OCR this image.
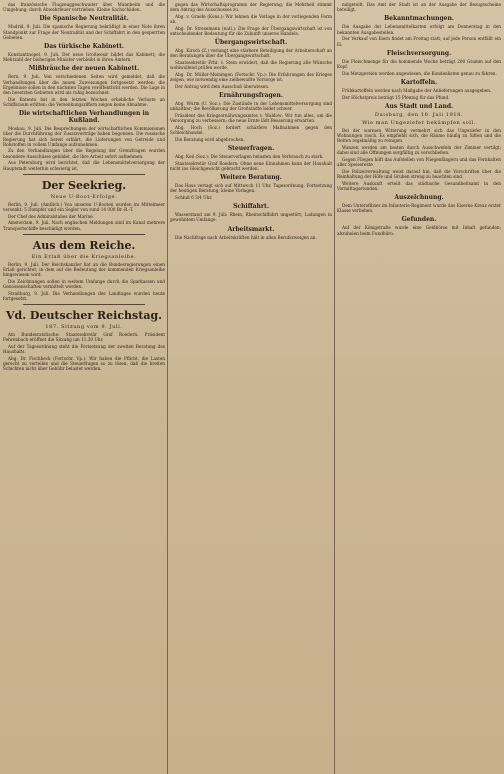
das französische Flugzeuggeschwader über Mannheim und die Umgebung; durch Abwehrfeuer vertrieben. Kleine Sachschäden.

Die Spanische Neutralität.

Madrid, 9. Juli. Die spanische Regierung bekräftigt in einer Note ihren Standpunkt zur Frage der Neutralität und der Schiffahrt in den gesperrten Gebieten.

Das türkische Kabinett.

Konstantinopel, 9. Juli. Der neue Großwesir bildet das Kabinett; die Mehrzahl der bisherigen Minister verbleibt in ihren Ämtern.

Mißbräuche der neuen Kabinett.

Bern, 9. Juli. Von verschiedenen Seiten wird gemeldet, daß die Verhandlungen über die neuen Zuweisungen fortgesetzt werden; die Ergebnisse sollen in den nächsten Tagen veröffentlicht werden. Die Lage in den besetzten Gebieten wird als ruhig bezeichnet.

Die Entente hat in den letzten Wochen erhebliche Verluste an Schiffsraum erlitten; die Versenkungsziffern zeigen keine Abnahme.

Die wirtschaftlichen Verhandlungen in Kußland.

Moskau, 9. Juli. Die Besprechungen der wirtschaftlichen Kommissionen über die Durchführung der Zusatzverträge haben begonnen. Die russische Regierung hat sich bereit erklärt, die Lieferungen von Getreide und Rohstoffen in vollem Umfange aufzunehmen.

Zu den Verhandlungen über die Regelung der Grenzfragen wurden besondere Ausschüsse gebildet, die ihre Arbeit sofort aufnehmen.

Aus Petersburg wird berichtet, daß die Lebensmittelversorgung der Hauptstadt weiterhin schwierig ist.

Der Seekrieg.
Neue U-Boot-Erfolge.

Berlin, 9. Juli. (Amtlich.) Von unseren U-Booten wurden im Mittelmeer versenkt: 5 Dampfer und ein Segler von rund 14 000 Br.-R.-T.

Der Chef des Admiralstabes der Marine.

Amsterdam, 9. Juli. Nach englischen Meldungen sind im Kanal mehrere Transportschiffe beschädigt worden.

Aus dem Reiche.
Ein Erlaß über die Kriegsanleihe.

Berlin, 9. Juli. Der Reichskanzler hat an die Bundesregierungen einen Erlaß gerichtet, in dem auf die Bedeutung der kommenden Kriegsanleihe hingewiesen wird.

Die Zeichnungen sollen in weitem Umfange durch die Sparkassen und Genossenschaften vermittelt werden.

Straßburg, 9. Juli. Die Verhandlungen des Landtages wurden heute fortgesetzt.

Vd. Deutscher Reichstag.
187. Sitzung vom 9. Juli.

Am Bundesratstische: Staatssekretär Graf Roedern. Präsident Fehrenbach eröffnet die Sitzung um 11.30 Uhr.

Auf der Tagesordnung steht die Fortsetzung der zweiten Beratung des Haushalts.

Abg. Dr. Fischbeck (Fortschr. Vp.): Wir haben die Pflicht, die Lasten gerecht zu verteilen und die Steuerfragen so zu lösen, daß die breiten Schichten nicht über Gebühr belastet werden.

gegen das Wirtschaftsprogramm der Regierung; die Mehrheit stimmt dem Antrag des Ausschusses zu.

Abg. v. Graefe (Kons.): Wir lehnen die Vorlage in der vorliegenden Form ab.

Abg. Dr. Stresemann (natl.): Die Frage der Übergangswirtschaft ist von entscheidender Bedeutung für die Zukunft unseres Handels.

Übergangswirtschaft.

Abg. Kirsch (Z.) verlangt eine stärkere Beteiligung der Arbeiterschaft an den Beratungen über die Übergangswirtschaft.

Staatssekretär Frhr. v. Stein erwidert, daß die Regierung alle Wünsche wohlwollend prüfen werde.

Abg. Dr. Müller-Meiningen (Fortschr. Vp.): Die Erfahrungen des Krieges zeigen, wie notwendig eine zielbewußte Vorsorge ist.

Der Antrag wird dem Ausschuß überwiesen.

Ernährungsfragen.

Abg. Wurm (U. Soz.): Die Zustände in der Lebensmittelversorgung sind unhaltbar; die Bevölkerung der Großstädte leidet schwer.

Präsident des Kriegsernährungsamtes v. Waldow: Wir tun alles, um die Versorgung zu verbessern; die neue Ernte läßt Besserung erwarten.

Abg. Hoch (Soz.) fordert schärfere Maßnahmen gegen den Schleichhandel.

Die Beratung wird abgebrochen.

Steuerfragen.

Abg. Keil (Soz.): Die Steuervorlagen belasten den Verbrauch zu stark.

Staatssekretär Graf Roedern: Ohne neue Einnahmen kann der Haushalt nicht ins Gleichgewicht gebracht werden.

Weitere Beratung.

Das Haus vertagt sich auf Mittwoch 11 Uhr. Tagesordnung: Fortsetzung der heutigen Beratung; kleine Vorlagen.

Schluß 6 3/4 Uhr.

Schiffahrt.

Wasserstand am 9. Juli: Rhein, Rheinschiffahrt ungestört; Ladungen in gewohntem Umfange.

Arbeitsmarkt.

Die Nachfrage nach Arbeitskräften hält in allen Berufszweigen an.

mitgeteilt. Das Amt der Stadt ist an der Ausgabe der Bezugsscheine beteiligt.

Bekanntmachungen.

Die Ausgabe der Lebensmittelkarten erfolgt am Donnerstag in den bekannten Ausgabestellen.

Der Verkauf von Eiern findet am Freitag statt; auf jede Person entfällt ein Ei.

Fleischversorgung.

Die Fleischmenge für die kommende Woche beträgt 200 Gramm auf den Kopf.

Die Metzgereien werden angewiesen, die Kundenlisten genau zu führen.

Kartoffeln.

Frühkartoffeln werden nach Maßgabe der Anlieferungen ausgegeben.

Der Höchstpreis beträgt 15 Pfennig für das Pfund.

Aus Stadt und Land.
Duisburg, den 10. Juli 1918.
Wie man Ungeziefer bekämpfen soll.

Bei der warmen Witterung vermehrt sich das Ungeziefer in den Wohnungen rasch. Es empfiehlt sich, die Räume häufig zu lüften und die Betten regelmäßig zu reinigen.

Wanzen werden am besten durch Ausschwefeln der Zimmer vertilgt; dabei sind alle Öffnungen sorgfältig zu verschließen.

Gegen Fliegen hilft das Aufstellen von Fliegenfängern und das Fernhalten aller Speisereste.

Die Polizeiverwaltung weist darauf hin, daß die Vorschriften über die Reinhaltung der Höfe und Gruben streng zu beachten sind.

Weitere Auskunft erteilt das städtische Gesundheitsamt in den Vormittagsstunden.

Auszeichnung.

Dem Unteroffizier im Infanterie-Regiment wurde das Eiserne Kreuz erster Klasse verliehen.

Gefunden.

Auf der Königstraße wurde eine Geldbörse mit Inhalt gefunden; abzuholen beim Fundbüro.
